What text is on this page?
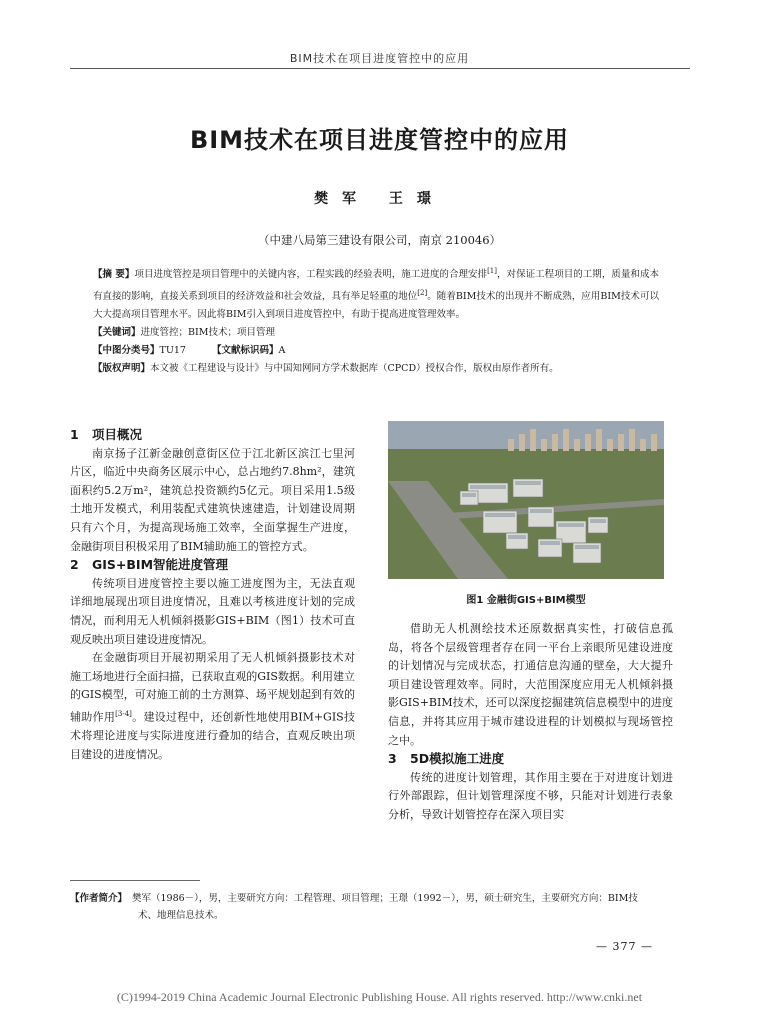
BIM技术在项目进度管控中的应用
BIM技术在项目进度管控中的应用
樊军 王璟
（中建八局第三建设有限公司，南京 210046）

【摘 要】项目进度管控是项目管理中的关键内容，工程实践的经验表明，施工进度的合理安排[1]，对保证工程项目的工期，质量和成本有直接的影响，直接关系到项目的经济效益和社会效益，具有举足轻重的地位[2]。随着BIM技术的出现并不断成熟，应用BIM技术可以大大提高项目管理水平。因此将BIM引入到项目进度管控中，有助于提高进度管理效率。

【关键词】进度管控；BIM技术；项目管理

【中图分类号】TU17	【文献标识码】A

【版权声明】本文被《工程建设与设计》与中国知网同方学术数据库（CPCD）授权合作，版权由原作者所有。

1 项目概况

南京扬子江新金融创意街区位于江北新区滨江七里河片区，临近中央商务区展示中心，总占地约7.8hm²，建筑面积约5.2万m²，建筑总投资额约5亿元。项目采用1.5级土地开发模式，利用装配式建筑快速建造，计划建设周期只有六个月，为提高现场施工效率，全面掌握生产进度，金融街项目积极采用了BIM辅助施工的管控方式。

2 GIS+BIM智能进度管理

传统项目进度管控主要以施工进度图为主，无法直观详细地展现出项目进度情况，且难以考核进度计划的完成情况，而利用无人机倾斜摄影GIS+BIM（图1）技术可直观反映出项目建设进度情况。

在金融街项目开展初期采用了无人机倾斜摄影技术对施工场地进行全面扫描，已获取直观的GIS数据。利用建立的GIS模型，可对施工前的土方测算、场平规划起到有效的辅助作用[3-4]。建设过程中，还创新性地使用BIM+GIS技术将理论进度与实际进度进行叠加的结合，直观反映出项目建设的进度情况。

图1 金融街GIS+BIM模型

借助无人机测绘技术还原数据真实性，打破信息孤岛，将各个层级管理者存在同一平台上亲眼所见建设进度的计划情况与完成状态，打通信息沟通的壁垒，大大提升项目建设管理效率。同时，大范围深度应用无人机倾斜摄影GIS+BIM技术，还可以深度挖掘建筑信息模型中的进度信息，并将其应用于城市建设进程的计划模拟与现场管控之中。

3 5D模拟施工进度

传统的进度计划管理，其作用主要在于对进度计划进行外部跟踪，但计划管理深度不够，只能对计划进行表象分析，导致计划管控存在深入项目实

【作者简介】 樊军（1986－），男，主要研究方向：工程管理、项目管理；王璟（1992－），男，硕士研究生，主要研究方向：BIM技
术、地理信息技术。
— 377 —
(C)1994-2019 China Academic Journal Electronic Publishing House. All rights reserved. http://www.cnki.net
